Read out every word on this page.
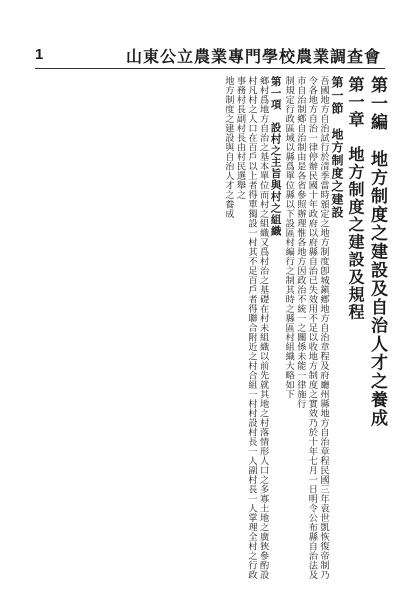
1	山東公立農業專門學校農業調查會

第一編　地方制度之建設及自治人才之養成

第一章　地方制度之建設及規程

第一節　地方制度之建設

吾國地方自治試行於清季當時頒定之地方制度卽城鎭鄕地方自治章程及府廳州縣地方自治章程民國三年袁世凱恢復帝制乃令各地方自治一律停辦民國十年政府以府縣自治已失效用不足以收地方制度之實效乃於十年七月一日明令公布縣自治法及市自治制鄕自治制由是各省參照辦理惟各地方因政治不統一之關係未能一律施行

制規定行政區域以縣爲單位縣以下設區村編行之制其時之縣區村組織大略如下

第一項　設村之主旨與村之組織

鄉村爲地方自治之基本單位而村之組織又爲村治之基礎在村未組織以前先就其地之村落情形人口之多寡土地之廣狹參酌設村凡村之人口在百戶以上者得單獨設一村其不足百戶者得聯合附近之村合組一村村設村長一人副村長一人掌理全村之行政事務村長副村長由村民選舉之

地方制度之建設與自治人才之養成
